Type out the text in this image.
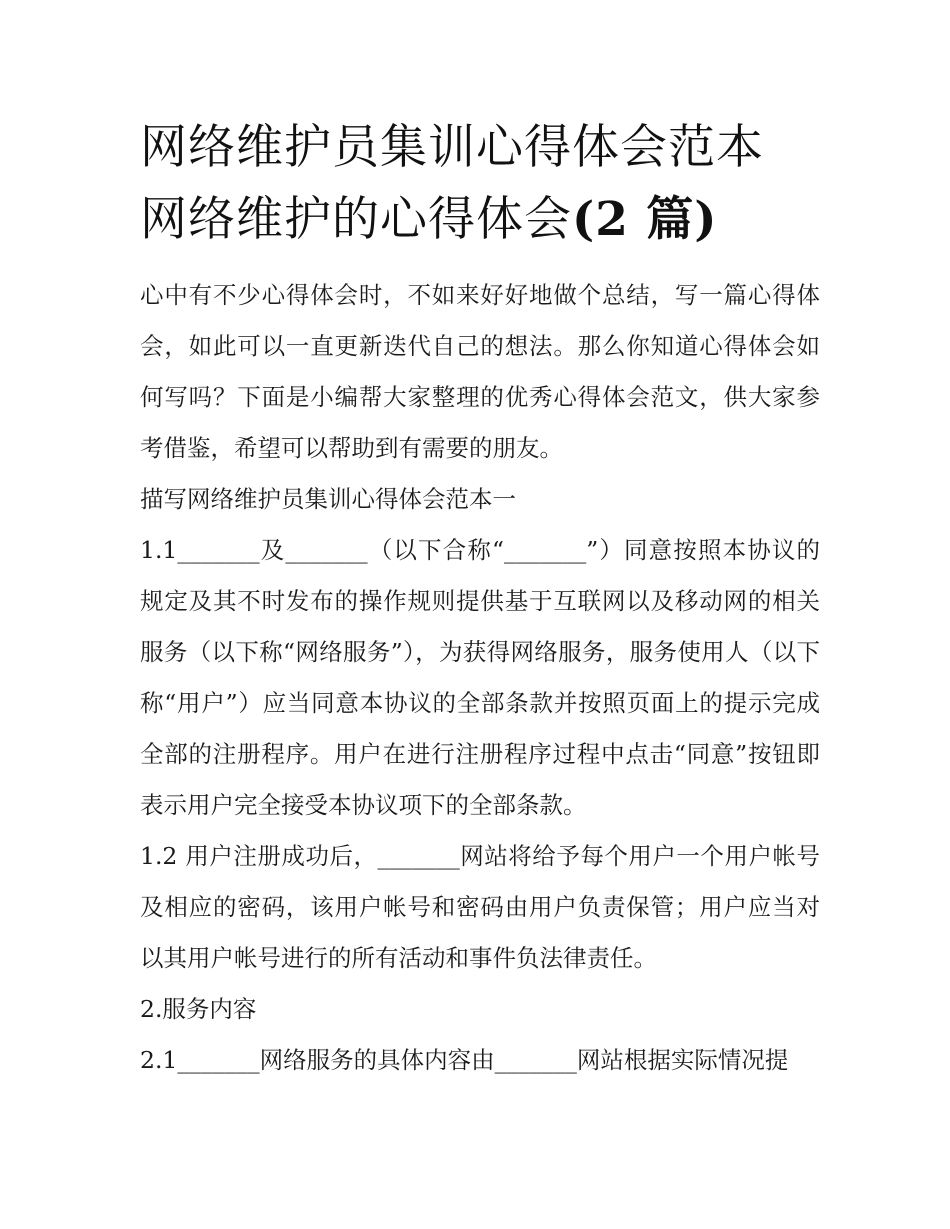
网络维护员集训心得体会范本
网络维护的心得体会(2 篇)

心中有不少心得体会时，不如来好好地做个总结，写一篇心得体会，如此可以一直更新迭代自己的想法。那么你知道心得体会如何写吗？下面是小编帮大家整理的优秀心得体会范文，供大家参考借鉴，希望可以帮助到有需要的朋友。

描写网络维护员集训心得体会范本一

1.1_______及_______（以下合称“_______”）同意按照本协议的规定及其不时发布的操作规则提供基于互联网以及移动网的相关服务（以下称“网络服务”），为获得网络服务，服务使用人（以下称“用户”）应当同意本协议的全部条款并按照页面上的提示完成全部的注册程序。用户在进行注册程序过程中点击“同意”按钮即表示用户完全接受本协议项下的全部条款。

1.2 用户注册成功后，_______网站将给予每个用户一个用户帐号及相应的密码，该用户帐号和密码由用户负责保管；用户应当对以其用户帐号进行的所有活动和事件负法律责任。

2.服务内容

2.1_______网络服务的具体内容由_______网站根据实际情况提
